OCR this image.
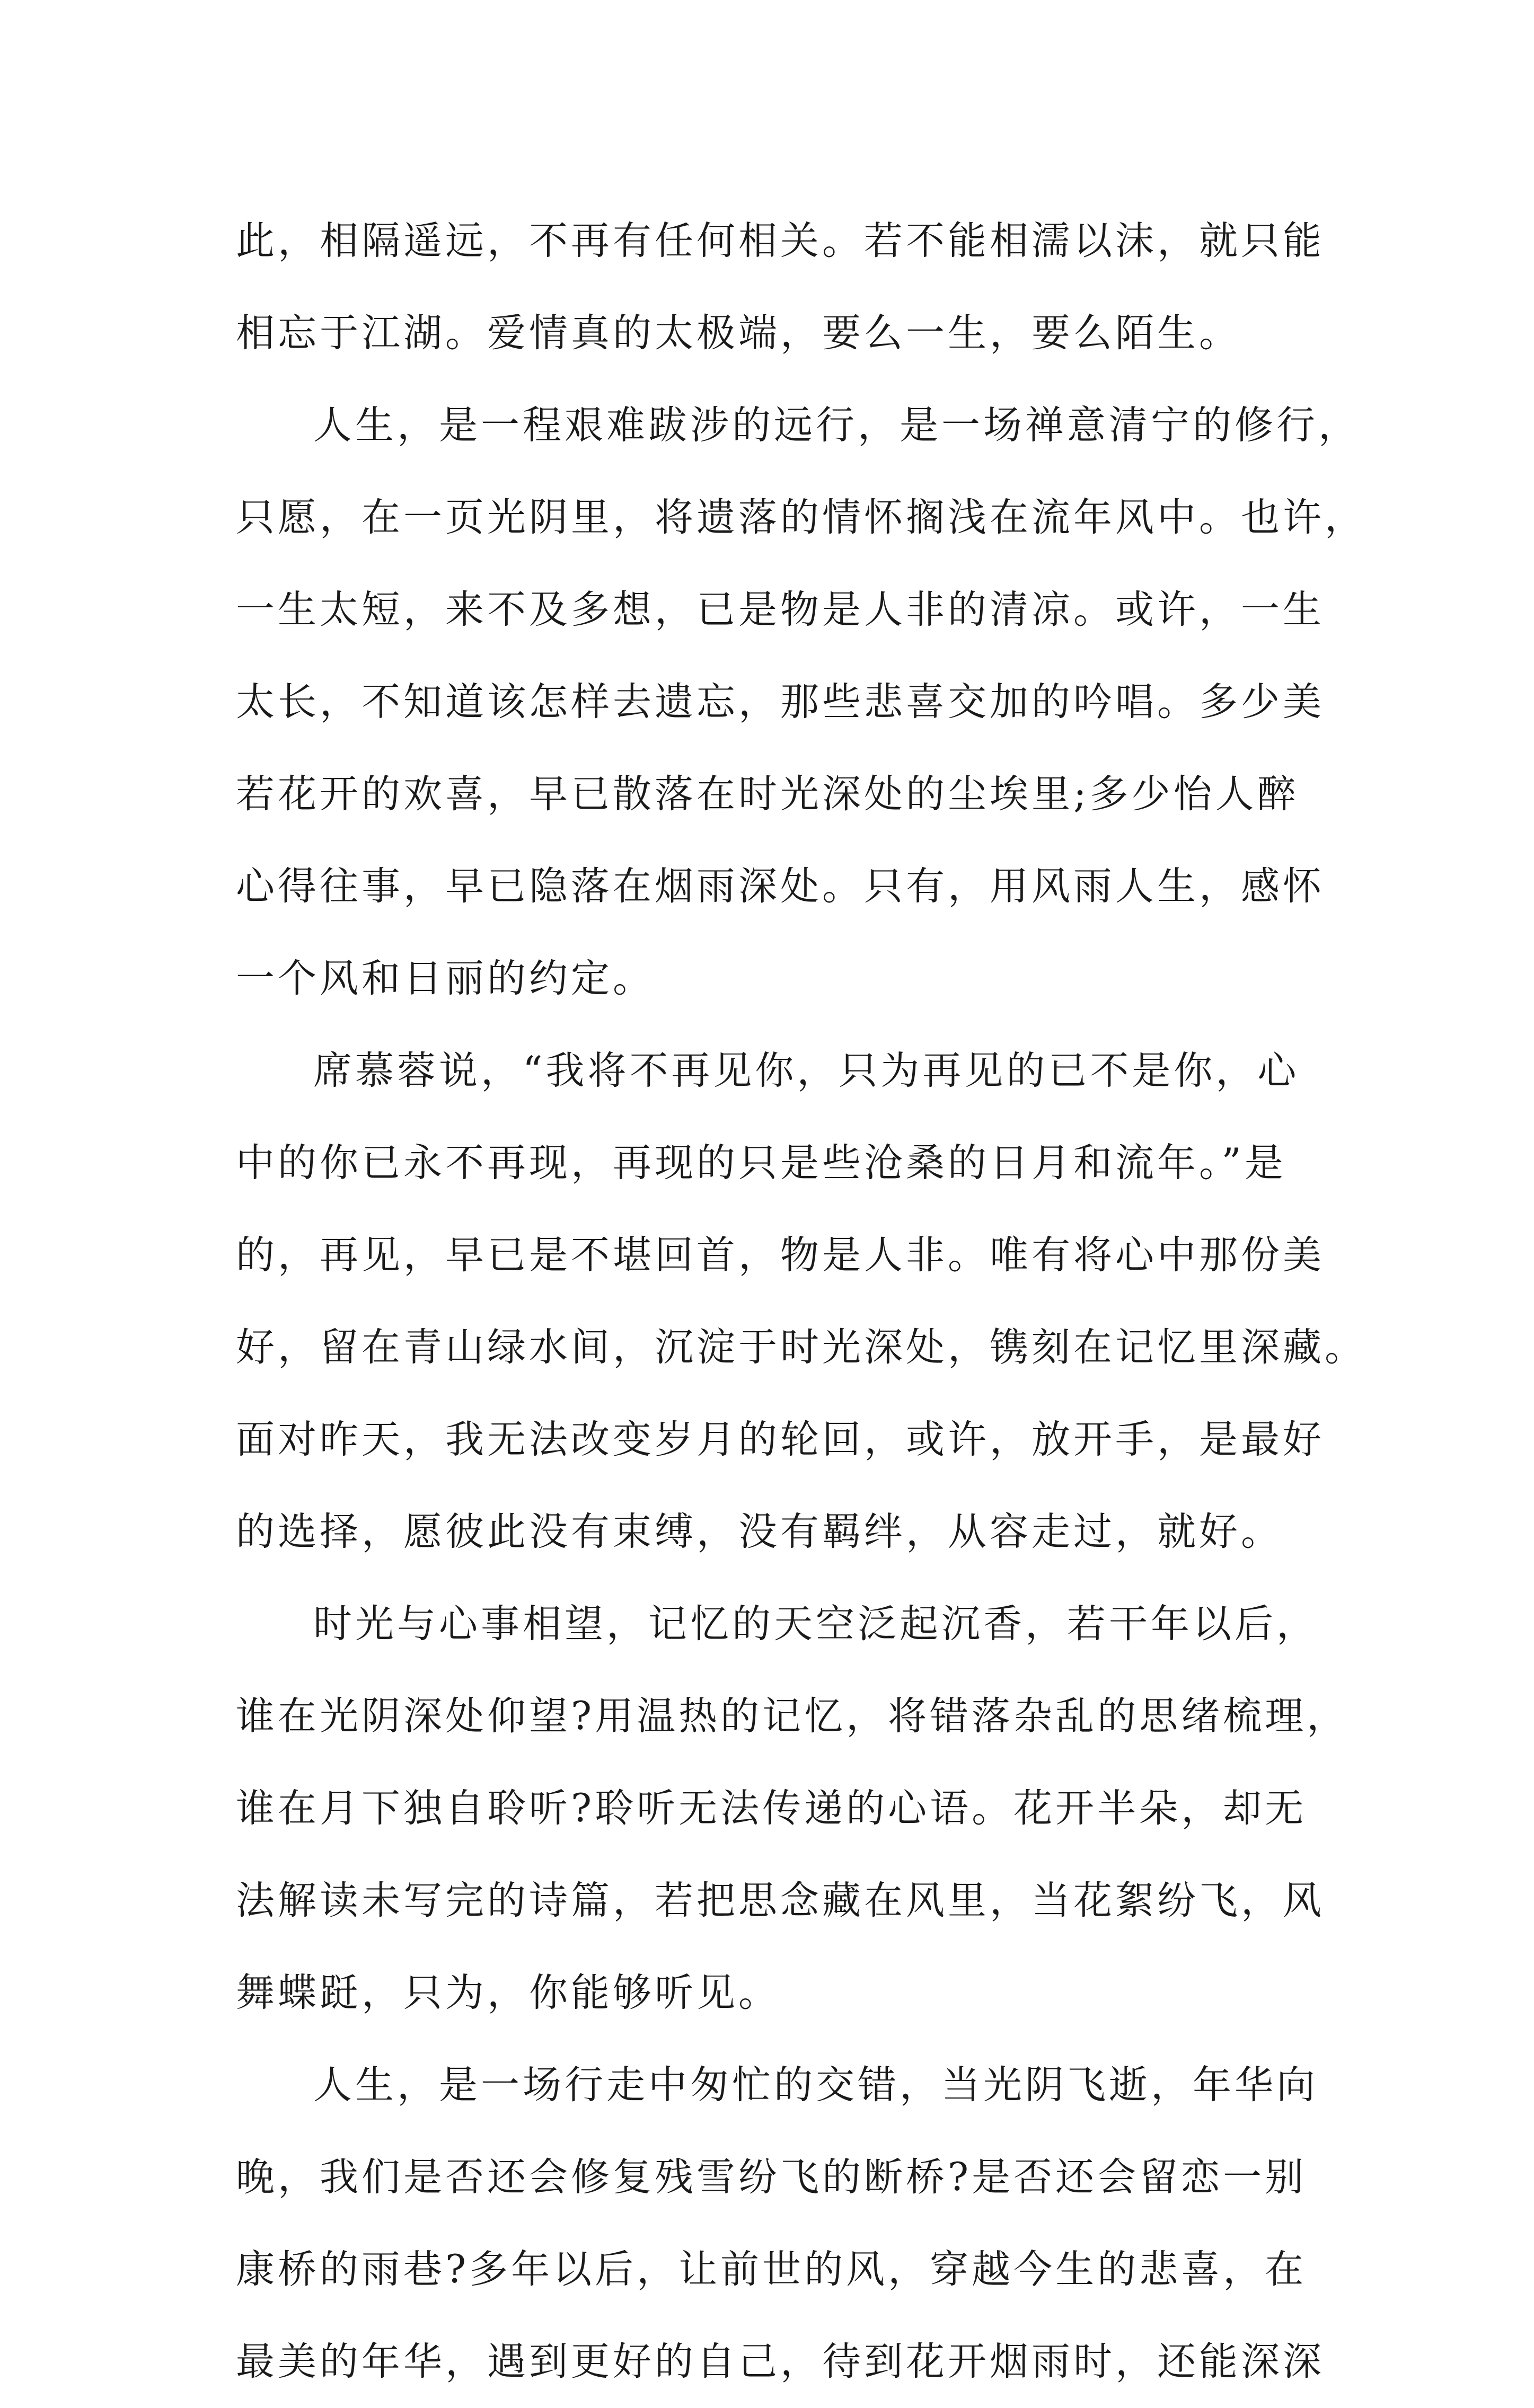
此，相隔遥远，不再有任何相关。若不能相濡以沫，就只能
相忘于江湖。爱情真的太极端，要么一生，要么陌生。
人生，是一程艰难跋涉的远行，是一场禅意清宁的修行，
只愿，在一页光阴里，将遗落的情怀搁浅在流年风中。也许，
一生太短，来不及多想，已是物是人非的清凉。或许，一生
太长，不知道该怎样去遗忘，那些悲喜交加的吟唱。多少美
若花开的欢喜，早已散落在时光深处的尘埃里;多少怡人醉
心得往事，早已隐落在烟雨深处。只有，用风雨人生，感怀
一个风和日丽的约定。
席慕蓉说，“我将不再见你，只为再见的已不是你，心
中的你已永不再现，再现的只是些沧桑的日月和流年。”是
的，再见，早已是不堪回首，物是人非。唯有将心中那份美
好，留在青山绿水间，沉淀于时光深处，镌刻在记忆里深藏。
面对昨天，我无法改变岁月的轮回，或许，放开手，是最好
的选择，愿彼此没有束缚，没有羁绊，从容走过，就好。
时光与心事相望，记忆的天空泛起沉香，若干年以后，
谁在光阴深处仰望?用温热的记忆，将错落杂乱的思绪梳理，
谁在月下独自聆听?聆听无法传递的心语。花开半朵，却无
法解读未写完的诗篇，若把思念藏在风里，当花絮纷飞，风
舞蝶跹，只为，你能够听见。
人生，是一场行走中匆忙的交错，当光阴飞逝，年华向
晚，我们是否还会修复残雪纷飞的断桥?是否还会留恋一别
康桥的雨巷?多年以后，让前世的风，穿越今生的悲喜，在
最美的年华，遇到更好的自己，待到花开烟雨时，还能深深
